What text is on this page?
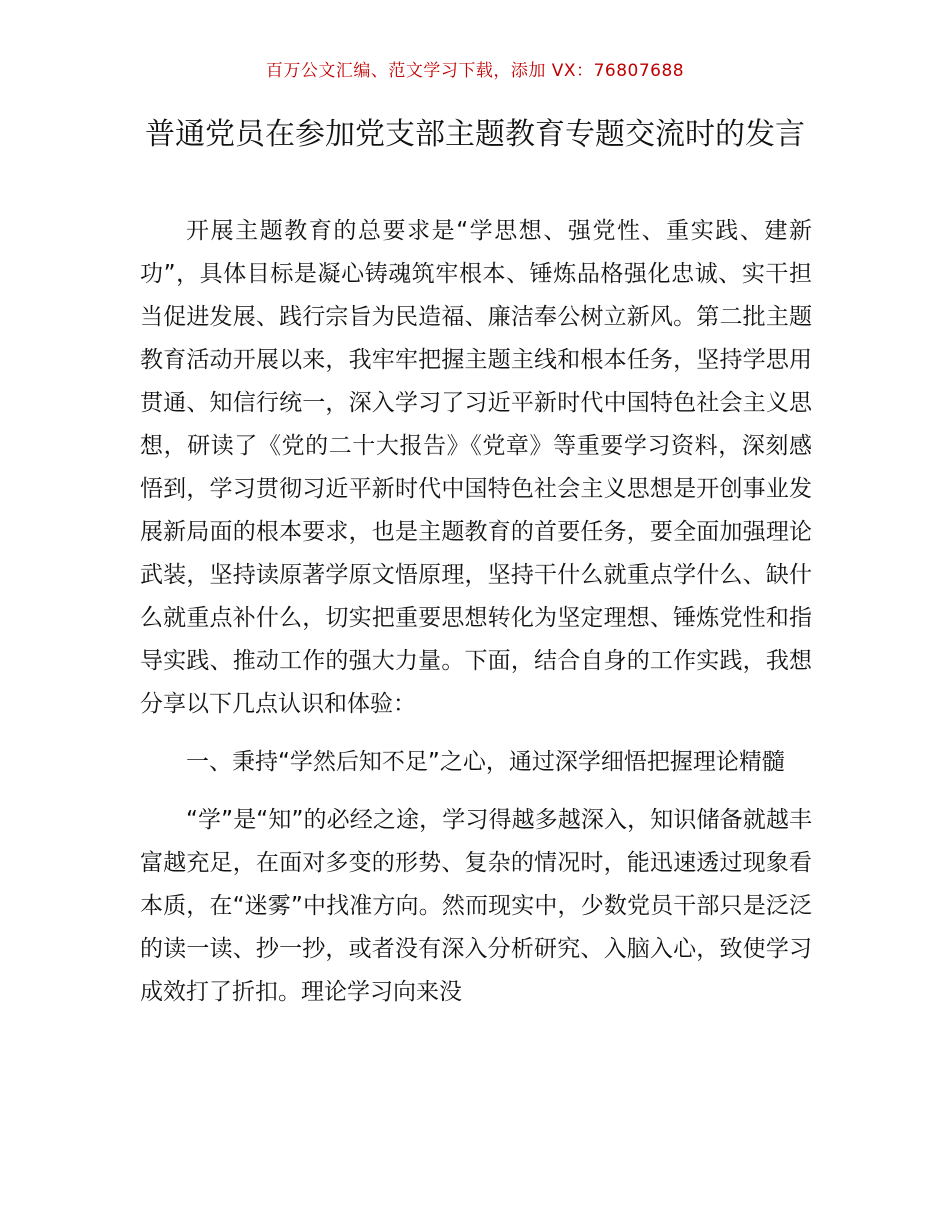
百万公文汇编、范文学习下载，添加 VX：76807688
普通党员在参加党支部主题教育专题交流时的发言

开展主题教育的总要求是“学思想、强党性、重实践、建新功”，具体目标是凝心铸魂筑牢根本、锤炼品格强化忠诚、实干担当促进发展、践行宗旨为民造福、廉洁奉公树立新风。第二批主题教育活动开展以来，我牢牢把握主题主线和根本任务，坚持学思用贯通、知信行统一，深入学习了习近平新时代中国特色社会主义思想，研读了《党的二十大报告》《党章》等重要学习资料，深刻感悟到，学习贯彻习近平新时代中国特色社会主义思想是开创事业发展新局面的根本要求，也是主题教育的首要任务，要全面加强理论武装，坚持读原著学原文悟原理，坚持干什么就重点学什么、缺什么就重点补什么，切实把重要思想转化为坚定理想、锤炼党性和指导实践、推动工作的强大力量。下面，结合自身的工作实践，我想分享以下几点认识和体验：

一、秉持“学然后知不足”之心，通过深学细悟把握理论精髓

“学”是“知”的必经之途，学习得越多越深入，知识储备就越丰富越充足，在面对多变的形势、复杂的情况时，能迅速透过现象看本质，在“迷雾”中找准方向。然而现实中，少数党员干部只是泛泛的读一读、抄一抄，或者没有深入分析研究、入脑入心，致使学习成效打了折扣。理论学习向来没
